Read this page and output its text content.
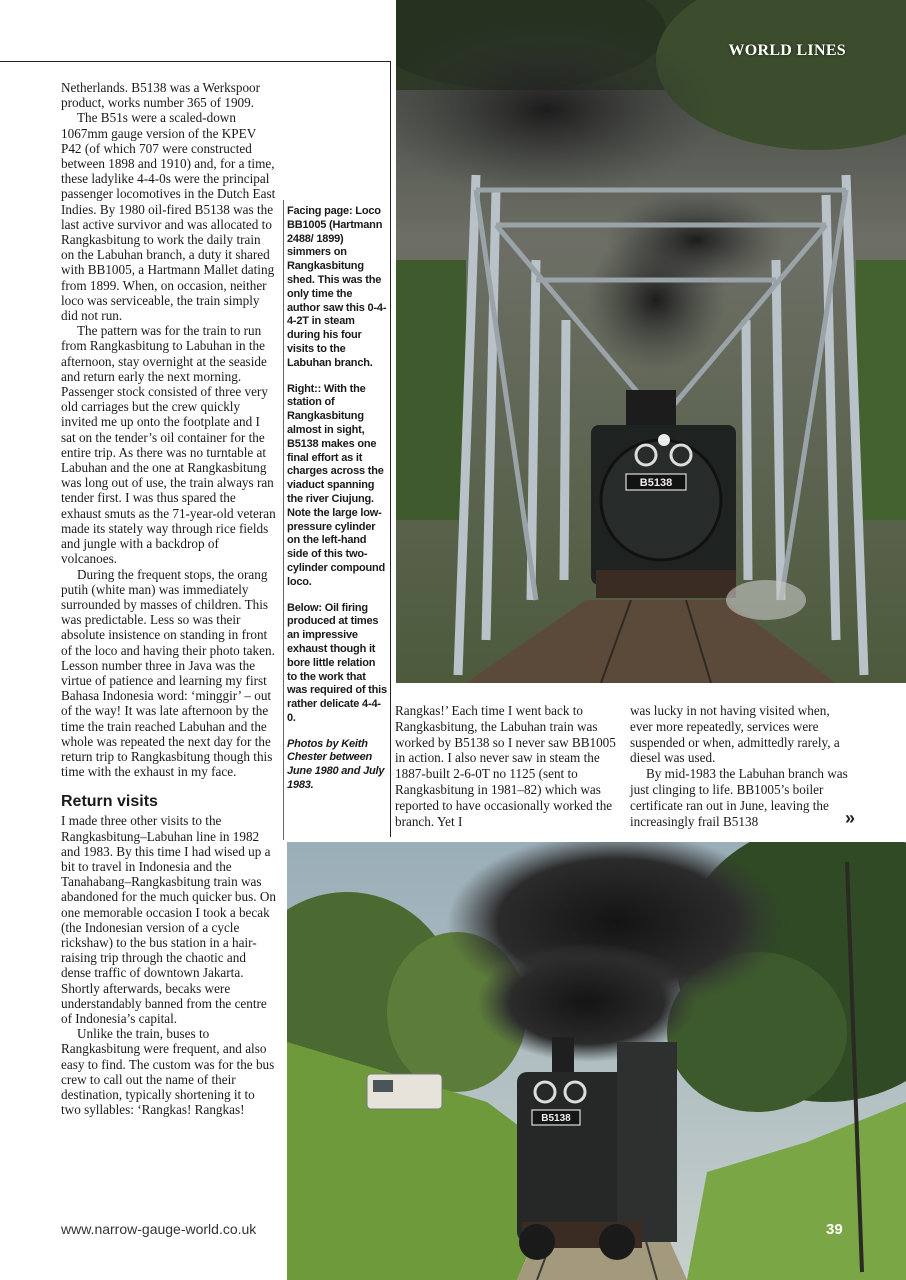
B5138
WORLD LINES

Netherlands. B5138 was a Werkspoor product, works number 365 of 1909.

The B51s were a scaled-down 1067mm gauge version of the KPEV P42 (of which 707 were constructed between 1898 and 1910) and, for a time, these ladylike 4-4-0s were the principal passenger locomotives in the Dutch East Indies. By 1980 oil-fired B5138 was the last active survivor and was allocated to Rangkasbitung to work the daily train on the Labuhan branch, a duty it shared with BB1005, a Hartmann Mallet dating from 1899. When, on occasion, neither loco was serviceable, the train simply did not run.

The pattern was for the train to run from Rangkasbitung to Labuhan in the afternoon, stay overnight at the seaside and return early the next morning. Passenger stock consisted of three very old carriages but the crew quickly invited me up onto the footplate and I sat on the tender’s oil container for the entire trip. As there was no turntable at Labuhan and the one at Rangkasbitung was long out of use, the train always ran tender first. I was thus spared the exhaust smuts as the 71-year-old veteran made its stately way through rice fields and jungle with a backdrop of volcanoes.

During the frequent stops, the orang putih (white man) was immediately surrounded by masses of children. This was predictable. Less so was their absolute insistence on standing in front of the loco and having their photo taken. Lesson number three in Java was the virtue of patience and learning my first Bahasa Indonesia word: ‘minggir’ – out of the way! It was late afternoon by the time the train reached Labuhan and the whole was repeated the next day for the return trip to Rangkasbitung though this time with the exhaust in my face.

Return visits

I made three other visits to the Rangkasbitung–Labuhan line in 1982 and 1983. By this time I had wised up a bit to travel in Indonesia and the Tanahabang–Rangkasbitung train was abandoned for the much quicker bus. On one memorable occasion I took a becak (the Indonesian version of a cycle rickshaw) to the bus station in a hair-raising trip through the chaotic and dense traffic of downtown Jakarta. Shortly afterwards, becaks were understandably banned from the centre of Indonesia’s capital.

Unlike the train, buses to Rangkasbitung were frequent, and also easy to find. The custom was for the bus crew to call out the name of their destination, typically shortening it to two syllables: ‘Rangkas! Rangkas!

Facing page: Loco BB1005 (Hartmann 2488/ 1899) simmers on Rangkasbitung shed. This was the only time the author saw this 0-4-4-2T in steam during his four visits to the Labuhan branch.

Right:: With the station of Rangkasbitung almost in sight, B5138 makes one final effort as it charges across the viaduct spanning the river Ciujung. Note the large low-pressure cylinder on the left-hand side of this two-cylinder compound loco.

Below: Oil firing produced at times an impressive exhaust though it bore little relation to the work that was required of this rather delicate 4-4-0.

Photos by Keith Chester between June 1980 and July 1983.

Rangkas!’ Each time I went back to Rangkasbitung, the Labuhan train was worked by B5138 so I never saw BB1005 in action. I also never saw in steam the 1887-built 2-6-0T no 1125 (sent to Rangkasbitung in 1981–82) which was reported to have occasionally worked the branch. Yet I

was lucky in not having visited when, ever more repeatedly, services were suspended or when, admittedly rarely, a diesel was used.

By mid-1983 the Labuhan branch was just clinging to life. BB1005’s boiler certificate ran out in June, leaving the increasingly frail B5138	»
B5138
39
www.narrow-gauge-world.co.uk
